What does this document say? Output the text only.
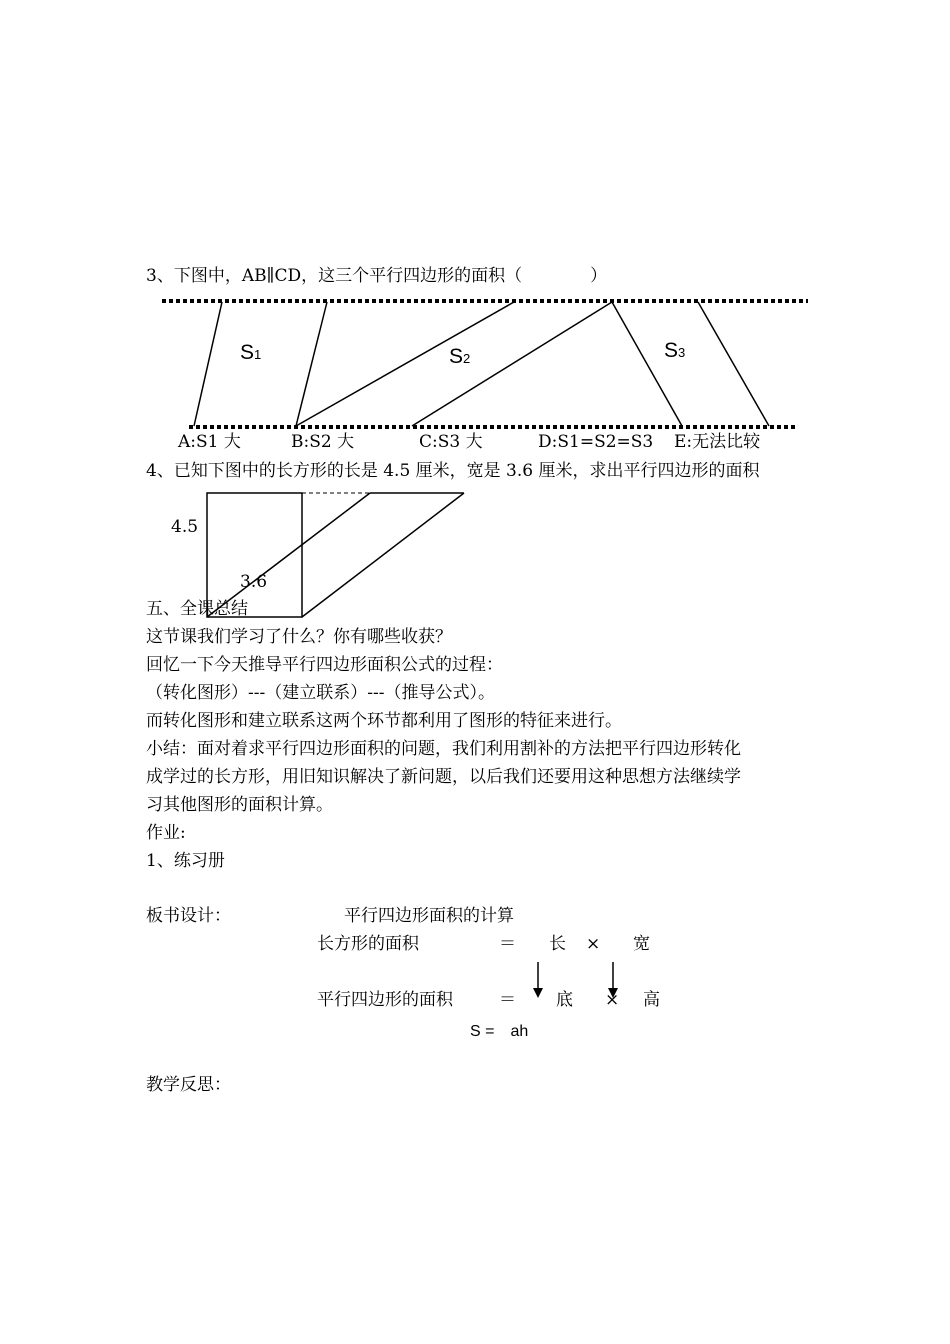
3、下图中，AB∥CD，这三个平行四边形的面积（　　　　）
S1	S2	S3
A:S1 大	B:S2 大	C:S3 大	D:S1=S2=S3 E:无法比较
4、已知下图中的长方形的长是 4.5 厘米，宽是 3.6 厘米，求出平行四边形的面积
4.5
3.6
五、全课总结
这节课我们学习了什么？你有哪些收获？
回忆一下今天推导平行四边形面积公式的过程：
（转化图形）---（建立联系）---（推导公式）。
而转化图形和建立联系这两个环节都利用了图形的特征来进行。
小结：面对着求平行四边形面积的问题，我们利用割补的方法把平行四边形转化
成学过的长方形，用旧知识解决了新问题，以后我们还要用这种思想方法继续学
习其他图形的面积计算。
作业:
1、练习册
板书设计：	平行四边形面积的计算
长方形的面积	＝ 长 × 宽
平行四边形的面积	＝ 底 × 高
S =　ah
教学反思：
